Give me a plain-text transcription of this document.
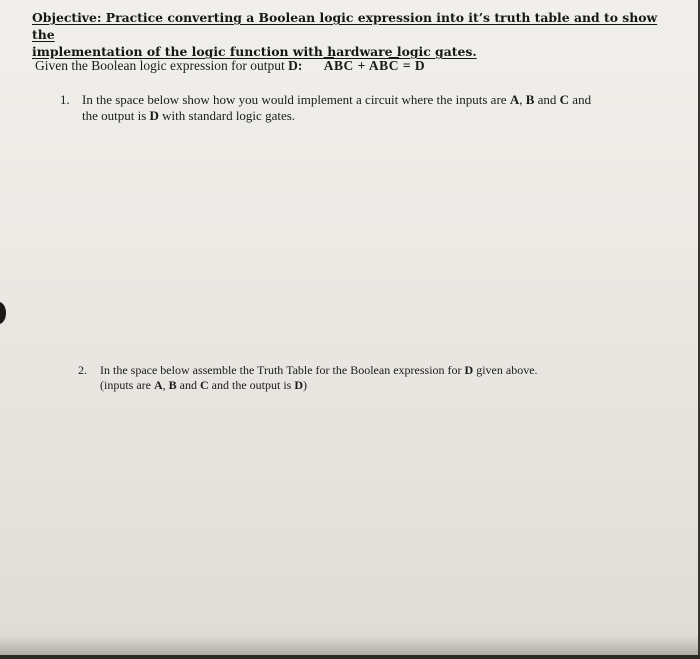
Objective: Practice converting a Boolean logic expression into it’s truth table and to show the
implementation of the logic function with hardware logic gates.
Given the Boolean logic expression for output D: $\overline{A}BC + AB\overline{C} = D$
1. In the space below show how you would implement a circuit where the inputs are A, B and C and
the output is D with standard logic gates.
2. In the space below assemble the Truth Table for the Boolean expression for D given above.
(inputs are A, B and C and the output is D)
